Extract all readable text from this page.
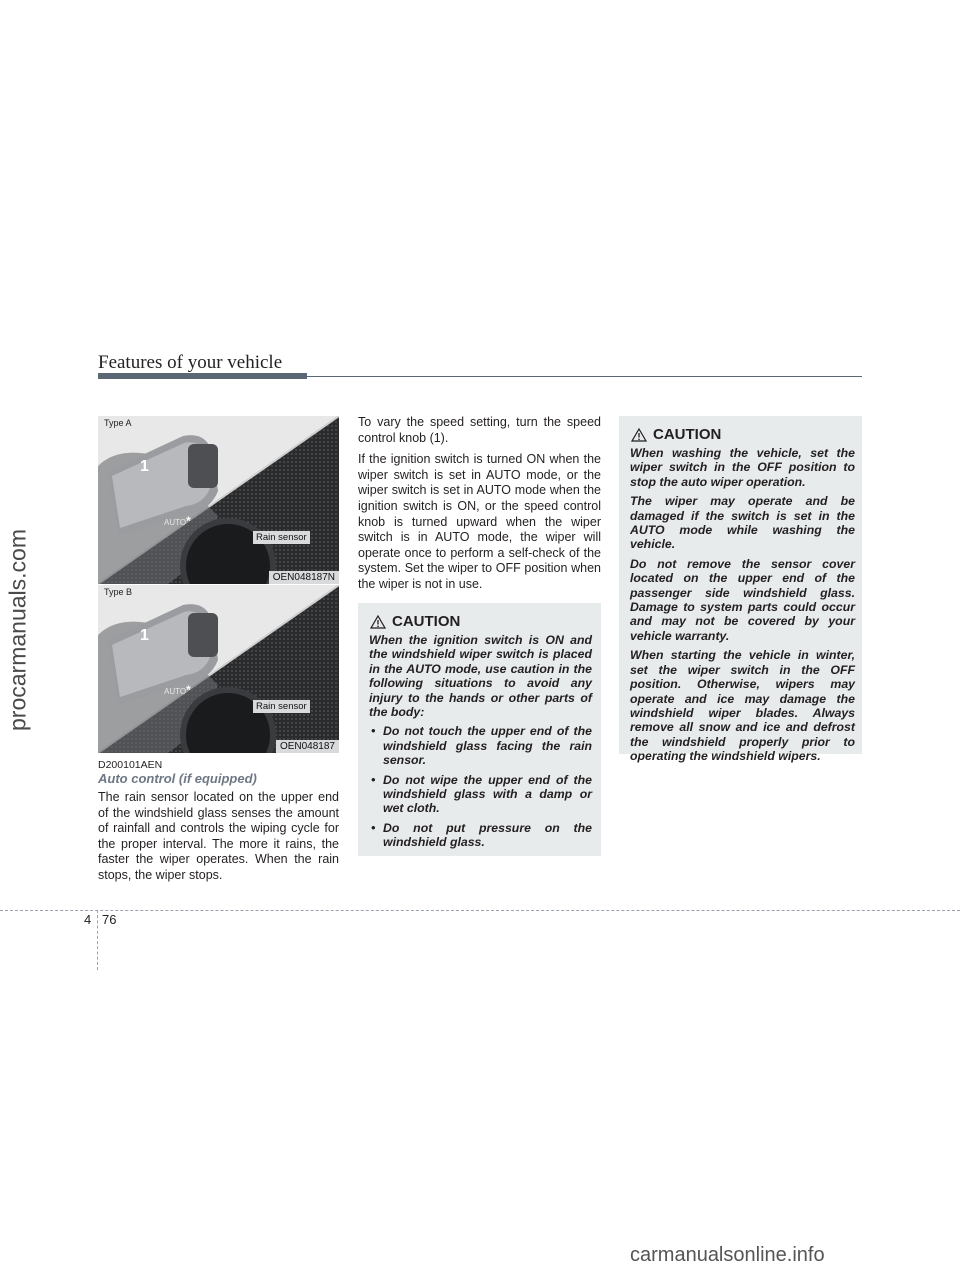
procarmanuals.com
Features of your vehicle
Type A	OFF
AUTO*
1
Rain sensor
OEN048187N
Type B	OFF
AUTO*
1
Rain sensor
OEN048187
D200101AEN
Auto control (if equipped)

The rain sensor located on the upper end of the windshield glass senses the amount of rainfall and controls the wiping cycle for the proper interval. The more it rains, the faster the wiper operates. When the rain stops, the wiper stops.

To vary the speed setting, turn the speed control knob (1).

If the ignition switch is turned ON when the wiper switch is set in AUTO mode, or the wiper switch is set in AUTO mode when the ignition switch is ON, or the speed control knob is turned upward when the wiper switch is in AUTO mode, the wiper will operate once to perform a self-check of the system. Set the wiper to OFF position when the wiper is not in use.

CAUTION

When the ignition switch is ON and the windshield wiper switch is placed in the AUTO mode, use caution in the following situations to avoid any injury to the hands or other parts of the body:

• Do not touch the upper end of the windshield glass facing the rain sensor.
• Do not wipe the upper end of the windshield glass with a damp or wet cloth.
• Do not put pressure on the windshield glass.
CAUTION

When washing the vehicle, set the wiper switch in the OFF position to stop the auto wiper operation.

The wiper may operate and be damaged if the switch is set in the AUTO mode while washing the vehicle.

Do not remove the sensor cover located on the upper end of the passenger side windshield glass. Damage to system parts could occur and may not be covered by your vehicle warranty.

When starting the vehicle in winter, set the wiper switch in the OFF position. Otherwise, wipers may operate and ice may damage the windshield wiper blades. Always remove all snow and ice and defrost the windshield properly prior to operating the windshield wipers.

4 76
carmanualsonline.info
